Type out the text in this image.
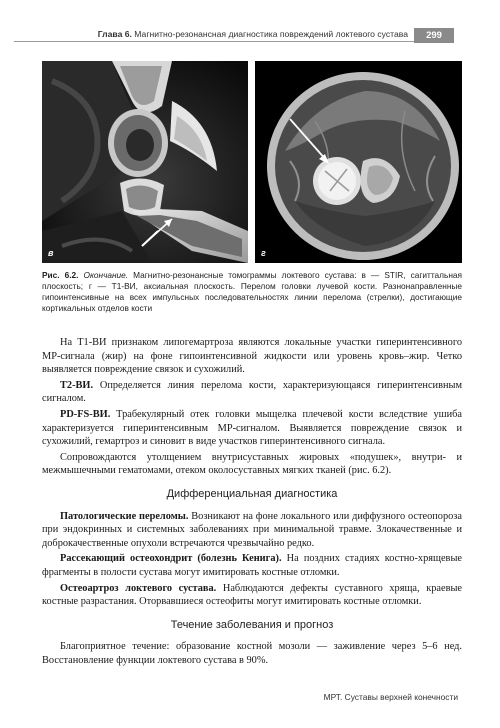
Глава 6. Магнитно-резонансная диагностика повреждений локтевого сустава	299
в	г
Рис. 6.2. Окончание. Магнитно-резонансные томограммы локтевого сустава: в — STIR, сагиттальная плоскость; г — Т1-ВИ, аксиальная плоскость. Перелом головки лучевой кости. Разнонаправленные гипоинтенсивные на всех импульсных последовательностях линии перелома (стрелки), достигающие кортикальных отделов кости

На Т1-ВИ признаком липогемартроза являются локальные участки гиперинтенсивного МР-сигнала (жир) на фоне гипоинтенсивной жидкости или уровень кровь–жир. Четко выявляется повреждение связок и сухожилий.

Т2-ВИ. Определяется линия перелома кости, характеризующаяся гиперинтенсивным сигналом.

PD-FS-ВИ. Трабекулярный отек головки мыщелка плечевой кости вследствие ушиба характеризуется гиперинтенсивным МР-сигналом. Выявляется повреждение связок и сухожилий, гемартроз и синовит в виде участков гиперинтенсивного сигнала.

Сопровождаются утолщением внутрисуставных жировых «подушек», внутри- и межмышечными гематомами, отеком околосуставных мягких тканей (рис. 6.2).

Дифференциальная диагностика

Патологические переломы. Возникают на фоне локального или диффузного остеопороза при эндокринных и системных заболеваниях при минимальной травме. Злокачественные и доброкачественные опухоли встречаются чрезвычайно редко.

Рассекающий остеохондрит (болезнь Кенига). На поздних стадиях костно-хрящевые фрагменты в полости сустава могут имитировать костные отломки.

Остеоартроз локтевого сустава. Наблюдаются дефекты суставного хряща, краевые костные разрастания. Оторвавшиеся остеофиты могут имитировать костные отломки.

Течение заболевания и прогноз

Благоприятное течение: образование костной мозоли — заживление через 5–6 нед. Восстановление функции локтевого сустава в 90%.

МРТ. Суставы верхней конечности
